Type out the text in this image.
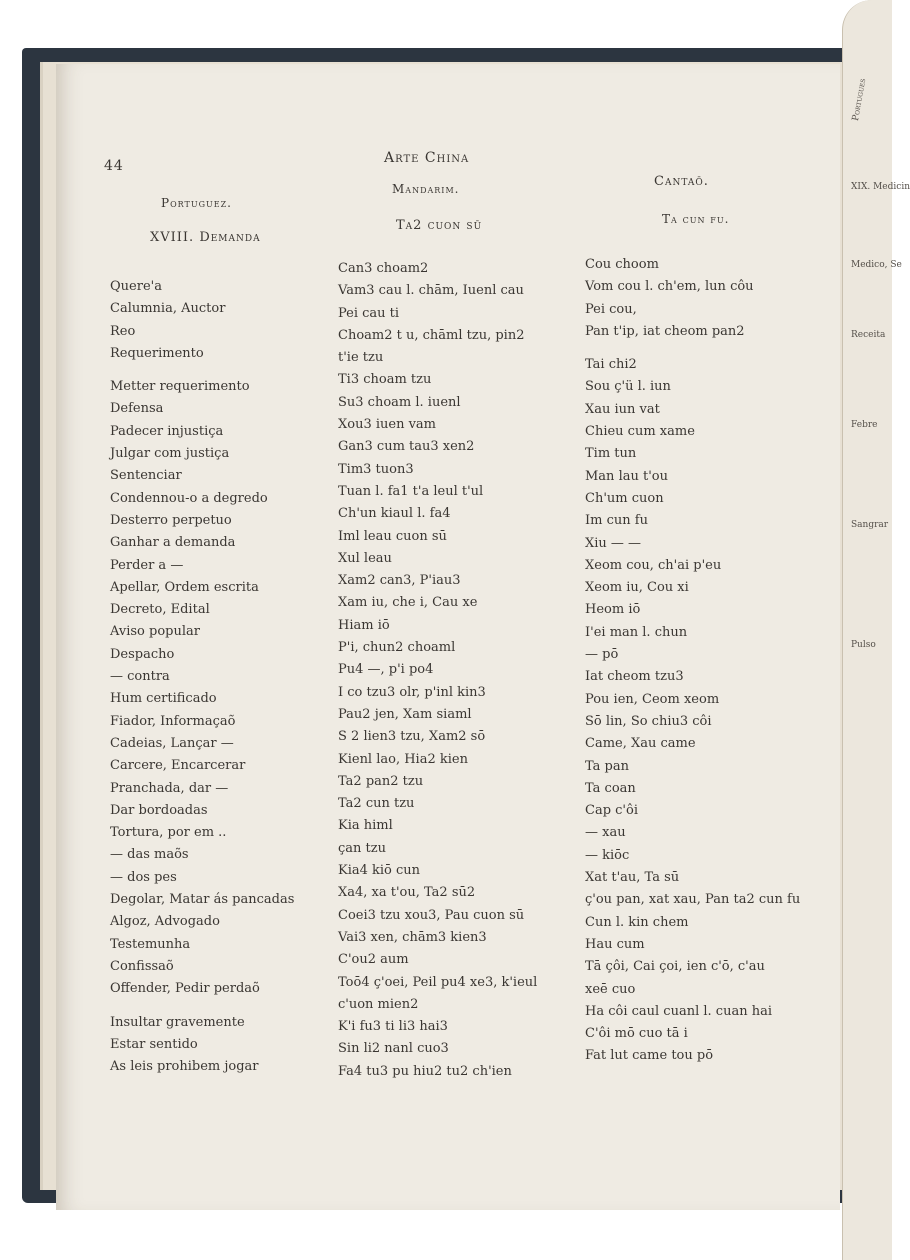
Portugues
XIX. Medicin
Medico, Se
Receita
Febre
Sangrar
Pulso
44	Arte China
Portuguez.
XVIII. Demanda
Mandarim.
Ta2 cuon sū
Cantaō.
Ta cun fu.
Quere'a
Calumnia, Auctor
Reo
Requerimento
Metter requerimento
Defensa
Padecer injustiça
Julgar com justiça
Sentenciar
Condennou-o a degredo
Desterro perpetuo
Ganhar a demanda
Perder a —
Apellar, Ordem escrita
Decreto, Edital
Aviso popular
Despacho
— contra
Hum certificado
Fiador, Informaçaõ
Cadeias, Lançar —
Carcere, Encarcerar
Pranchada, dar —
Dar bordoadas
Tortura, por em ..
— das maõs
— dos pes
Degolar, Matar ás pancadas
Algoz, Advogado
Testemunha
Confissaõ
Offender, Pedir perdaõ
Insultar gravemente
Estar sentido
As leis prohibem jogar
Can3 choam2
Vam3 cau l. chām, Iuenl cau
Pei cau ti
Choam2 t u, chāml tzu, pin2
t'ie tzu
Ti3 choam tzu
Su3 choam l. iuenl
Xou3 iuen vam
Gan3 cum tau3 xen2
Tim3 tuon3
Tuan l. fa1 t'a leul t'ul
Ch'un kiaul l. fa4
Iml leau cuon sū
Xul leau
Xam2 can3, P'iau3
Xam iu, che i, Cau xe
Hiam iō
P'i, chun2 choaml
Pu4 —, p'i po4
I co tzu3 olr, p'inl kin3
Pau2 jen, Xam siaml
S 2 lien3 tzu, Xam2 sō
Kienl lao, Hia2 kien
Ta2 pan2 tzu
Ta2 cun tzu
Kia himl
çan tzu
Kia4 kiō cun
Xa4, xa t'ou, Ta2 sū2
Coei3 tzu xou3, Pau cuon sū
Vai3 xen, chām3 kien3
C'ou2 aum
Toō4 ç'oei, Peil pu4 xe3, k'ieul
c'uon mien2
K'i fu3 ti li3 hai3
Sin li2 nanl cuo3
Fa4 tu3 pu hiu2 tu2 ch'ien
Cou choom
Vom cou l. ch'em, lun côu
Pei cou,
Pan t'ip, iat cheom pan2
Tai chi2
Sou ç'ü l. iun
Xau iun vat
Chieu cum xame
Tim tun
Man lau t'ou
Ch'um cuon
Im cun fu
Xiu — —
Xeom cou, ch'ai p'eu
Xeom iu, Cou xi
Heom iō
I'ei man l. chun
— pō
Iat cheom tzu3
Pou ien, Ceom xeom
Sō lin, So chiu3 côi
Came, Xau came
Ta pan
Ta coan
Cap c'ôi
— xau
— kiōc
Xat t'au, Ta sū
ç'ou pan, xat xau, Pan ta2 cun fu
Cun l. kin chem
Hau cum
Tā çôi, Cai çoi, ien c'ō, c'au
xeē cuo
Ha côi caul cuanl l. cuan hai
C'ôi mō cuo tā i
Fat lut came tou pō
